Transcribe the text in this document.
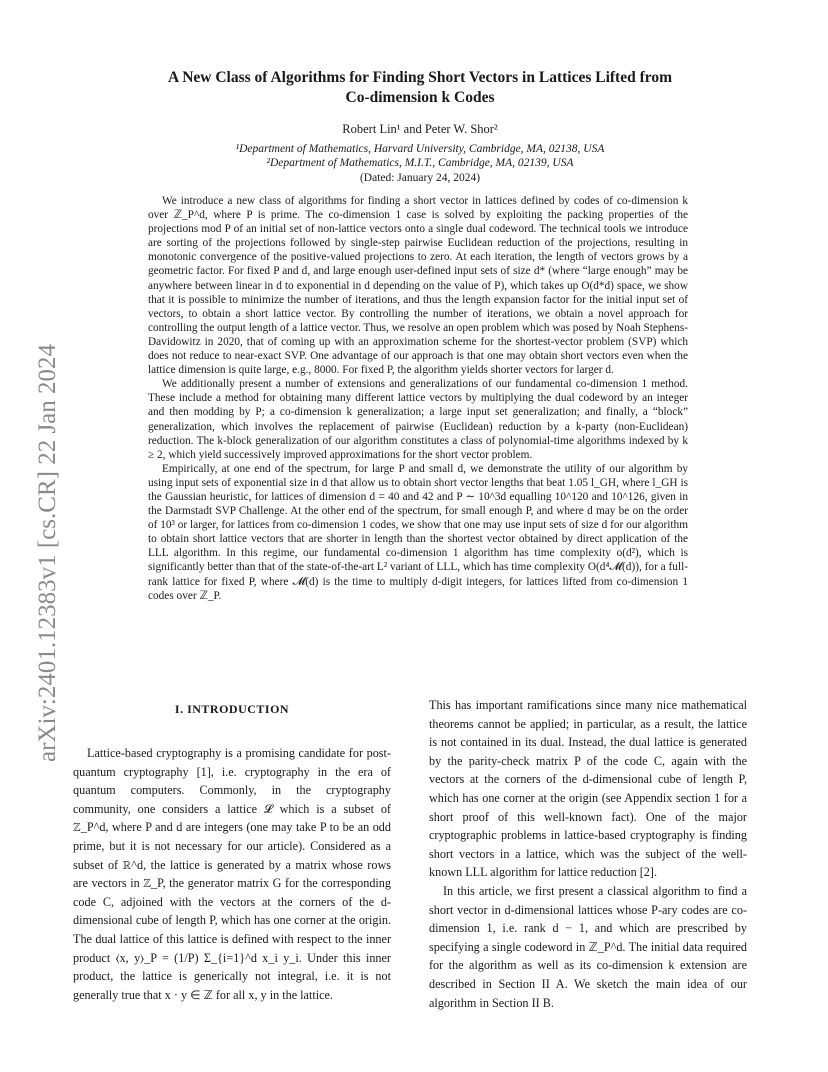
arXiv:2401.12383v1 [cs.CR] 22 Jan 2024
A New Class of Algorithms for Finding Short Vectors in Lattices Lifted from
Co-dimension k Codes
Robert Lin¹ and Peter W. Shor²
¹Department of Mathematics, Harvard University, Cambridge, MA, 02138, USA
²Department of Mathematics, M.I.T., Cambridge, MA, 02139, USA
(Dated: January 24, 2024)

We introduce a new class of algorithms for finding a short vector in lattices defined by codes of co-dimension k over ℤ_P^d, where P is prime. The co-dimension 1 case is solved by exploiting the packing properties of the projections mod P of an initial set of non-lattice vectors onto a single dual codeword. The technical tools we introduce are sorting of the projections followed by single-step pairwise Euclidean reduction of the projections, resulting in monotonic convergence of the positive-valued projections to zero. At each iteration, the length of vectors grows by a geometric factor. For fixed P and d, and large enough user-defined input sets of size d* (where “large enough” may be anywhere between linear in d to exponential in d depending on the value of P), which takes up O(d*d) space, we show that it is possible to minimize the number of iterations, and thus the length expansion factor for the initial input set of vectors, to obtain a short lattice vector. By controlling the number of iterations, we obtain a novel approach for controlling the output length of a lattice vector. Thus, we resolve an open problem which was posed by Noah Stephens-Davidowitz in 2020, that of coming up with an approximation scheme for the shortest-vector problem (SVP) which does not reduce to near-exact SVP. One advantage of our approach is that one may obtain short vectors even when the lattice dimension is quite large, e.g., 8000. For fixed P, the algorithm yields shorter vectors for larger d.

We additionally present a number of extensions and generalizations of our fundamental co-dimension 1 method. These include a method for obtaining many different lattice vectors by multiplying the dual codeword by an integer and then modding by P; a co-dimension k generalization; a large input set generalization; and finally, a “block” generalization, which involves the replacement of pairwise (Euclidean) reduction by a k-party (non-Euclidean) reduction. The k-block generalization of our algorithm constitutes a class of polynomial-time algorithms indexed by k ≥ 2, which yield successively improved approximations for the short vector problem.

Empirically, at one end of the spectrum, for large P and small d, we demonstrate the utility of our algorithm by using input sets of exponential size in d that allow us to obtain short vector lengths that beat 1.05 l_GH, where l_GH is the Gaussian heuristic, for lattices of dimension d = 40 and 42 and P ∼ 10^3d equalling 10^120 and 10^126, given in the Darmstadt SVP Challenge. At the other end of the spectrum, for small enough P, and where d may be on the order of 10³ or larger, for lattices from co-dimension 1 codes, we show that one may use input sets of size d for our algorithm to obtain short lattice vectors that are shorter in length than the shortest vector obtained by direct application of the LLL algorithm. In this regime, our fundamental co-dimension 1 algorithm has time complexity o(d²), which is significantly better than that of the state-of-the-art L² variant of LLL, which has time complexity O(d⁴𝓜(d)), for a full-rank lattice for fixed P, where 𝓜(d) is the time to multiply d-digit integers, for lattices lifted from co-dimension 1 codes over ℤ_P.

I. INTRODUCTION

Lattice-based cryptography is a promising candidate for post-quantum cryptography [1], i.e. cryptography in the era of quantum computers. Commonly, in the cryptography community, one considers a lattice 𝓛 which is a subset of ℤ_P^d, where P and d are integers (one may take P to be an odd prime, but it is not necessary for our article). Considered as a subset of ℝ^d, the lattice is generated by a matrix whose rows are vectors in ℤ_P, the generator matrix G for the corresponding code C, adjoined with the vectors at the corners of the d-dimensional cube of length P, which has one corner at the origin. The dual lattice of this lattice is defined with respect to the inner product ⟨x, y⟩_P = (1/P) Σ_{i=1}^d x_i y_i. Under this inner product, the lattice is generically not integral, i.e. it is not generally true that x · y ∈ ℤ for all x, y in the lattice.

This has important ramifications since many nice mathematical theorems cannot be applied; in particular, as a result, the lattice is not contained in its dual. Instead, the dual lattice is generated by the parity-check matrix P of the code C, again with the vectors at the corners of the d-dimensional cube of length P, which has one corner at the origin (see Appendix section 1 for a short proof of this well-known fact). One of the major cryptographic problems in lattice-based cryptography is finding short vectors in a lattice, which was the subject of the well-known LLL algorithm for lattice reduction [2].

In this article, we first present a classical algorithm to find a short vector in d-dimensional lattices whose P-ary codes are co-dimension 1, i.e. rank d − 1, and which are prescribed by specifying a single codeword in ℤ_P^d. The initial data required for the algorithm as well as its co-dimension k extension are described in Section II A. We sketch the main idea of our algorithm in Section II B.
